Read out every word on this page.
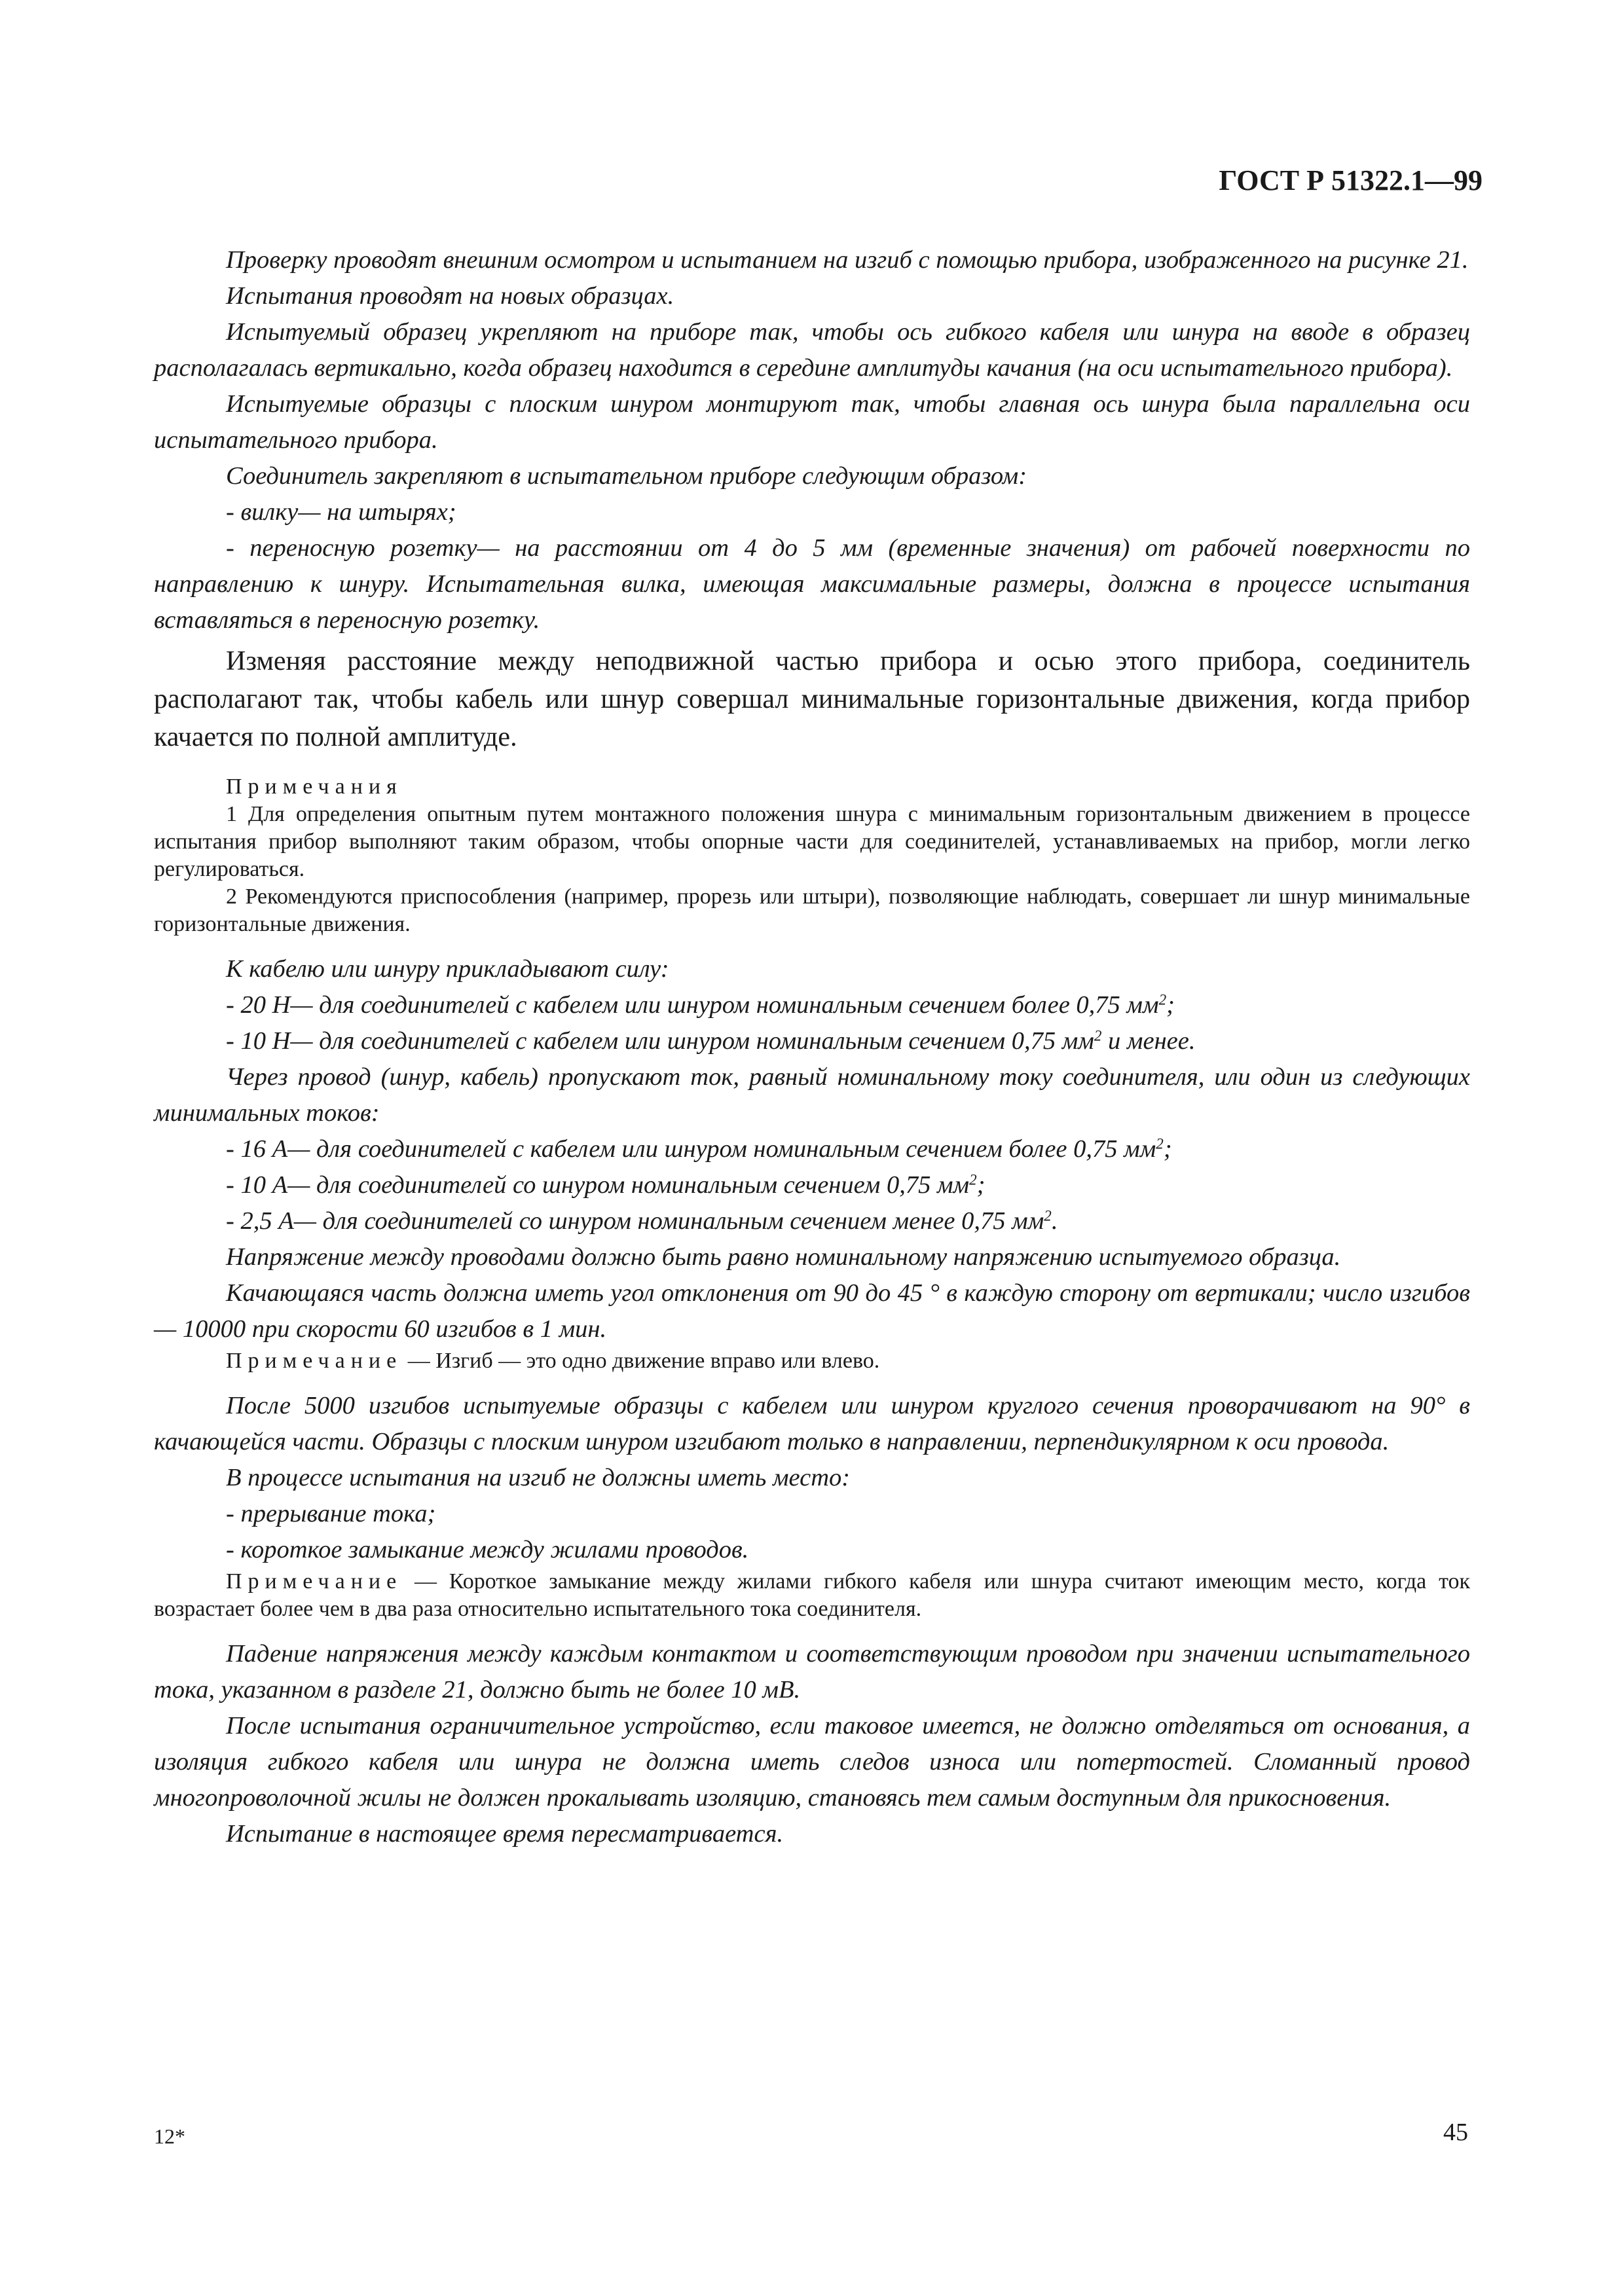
ГОСТ Р 51322.1—99

Проверку проводят внешним осмотром и испытанием на изгиб с помощью прибора, изображенного на рисунке 21.

Испытания проводят на новых образцах.

Испытуемый образец укрепляют на приборе так, чтобы ось гибкого кабеля или шнура на вводе в образец располагалась вертикально, когда образец находится в середине амплитуды качания (на оси испытательного прибора).

Испытуемые образцы с плоским шнуром монтируют так, чтобы главная ось шнура была параллельна оси испытательного прибора.

Соединитель закрепляют в испытательном приборе следующим образом:

- вилку— на штырях;

- переносную розетку— на расстоянии от 4 до 5 мм (временные значения) от рабочей поверхности по направлению к шнуру. Испытательная вилка, имеющая максимальные размеры, должна в процессе испытания вставляться в переносную розетку.

Изменяя расстояние между неподвижной частью прибора и осью этого прибора, соединитель располагают так, чтобы кабель или шнур совершал минимальные горизонтальные движения, когда прибор качается по полной амплитуде.

Примечания

1 Для определения опытным путем монтажного положения шнура с минимальным горизонтальным движением в процессе испытания прибор выполняют таким образом, чтобы опорные части для соединителей, устанавливаемых на прибор, могли легко регулироваться.

2 Рекомендуются приспособления (например, прорезь или штыри), позволяющие наблюдать, совершает ли шнур минимальные горизонтальные движения.

К кабелю или шнуру прикладывают силу:

- 20 Н— для соединителей с кабелем или шнуром номинальным сечением более 0,75 $мм^2$;

- 10 Н— для соединителей с кабелем или шнуром номинальным сечением 0,75 $мм^2$ и менее.

Через провод (шнур, кабель) пропускают ток, равный номинальному току соединителя, или один из следующих минимальных токов:

- 16 А— для соединителей с кабелем или шнуром номинальным сечением более 0,75 $мм^2$;

- 10 А— для соединителей со шнуром номинальным сечением 0,75 $мм^2$;

- 2,5 А— для соединителей со шнуром номинальным сечением менее 0,75 $мм^2$.

Напряжение между проводами должно быть равно номинальному напряжению испытуемого образца.

Качающаяся часть должна иметь угол отклонения от 90 до 45 ° в каждую сторону от вертикали; число изгибов— 10000 при скорости 60 изгибов в 1 мин.

Примечание — Изгиб — это одно движение вправо или влево.

После 5000 изгибов испытуемые образцы с кабелем или шнуром круглого сечения проворачивают на 90° в качающейся части. Образцы с плоским шнуром изгибают только в направлении, перпендикулярном к оси провода.

В процессе испытания на изгиб не должны иметь место:

- прерывание тока;

- короткое замыкание между жилами проводов.

Примечание — Короткое замыкание между жилами гибкого кабеля или шнура считают имеющим место, когда ток возрастает более чем в два раза относительно испытательного тока соединителя.

Падение напряжения между каждым контактом и соответствующим проводом при значении испытательного тока, указанном в разделе 21, должно быть не более 10 мВ.

После испытания ограничительное устройство, если таковое имеется, не должно отделяться от основания, а изоляция гибкого кабеля или шнура не должна иметь следов износа или потертостей. Сломанный провод многопроволочной жилы не должен прокалывать изоляцию, становясь тем самым доступным для прикосновения.

Испытание в настоящее время пересматривается.

12*	45
